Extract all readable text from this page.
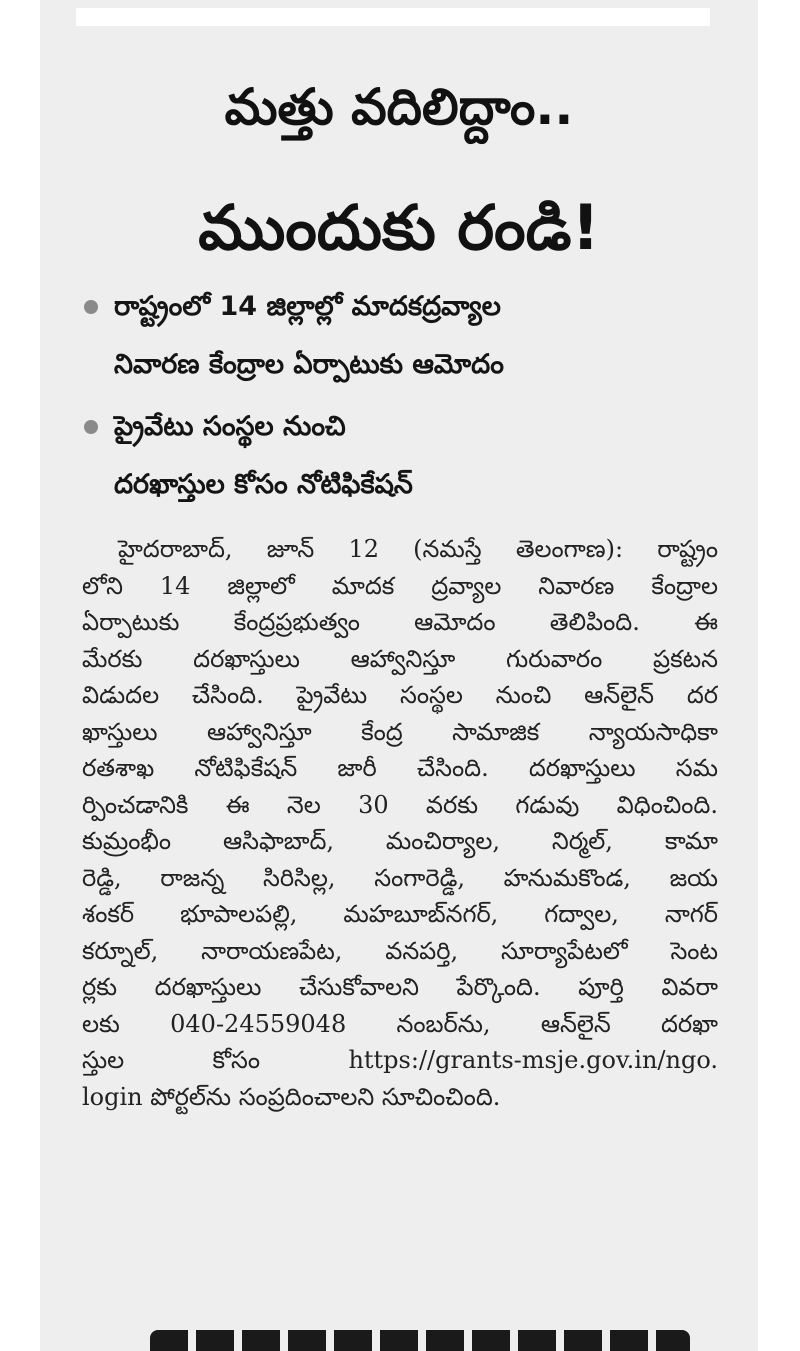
మత్తు వదిలిద్దాం..
ముందుకు రండి!
రాష్ట్రంలో 14 జిల్లాల్లో మాదకద్రవ్యాల
నివారణ కేంద్రాల ఏర్పాటుకు ఆమోదం
ప్రైవేటు సంస్థల నుంచి
దరఖాస్తుల కోసం నోటిఫికేషన్
హైదరాబాద్, జూన్ 12 (నమస్తే తెలంగాణ): రాష్ట్రం
లోని 14 జిల్లాలో మాదక ద్రవ్యాల నివారణ కేంద్రాల
ఏర్పాటుకు కేంద్రప్రభుత్వం ఆమోదం తెలిపింది. ఈ
మేరకు దరఖాస్తులు ఆహ్వానిస్తూ గురువారం ప్రకటన
విడుదల చేసింది. ప్రైవేటు సంస్థల నుంచి ఆన్‌లైన్ దర
ఖాస్తులు ఆహ్వానిస్తూ కేంద్ర సామాజిక న్యాయసాధికా
రతశాఖ నోటిఫికేషన్ జారీ చేసింది. దరఖాస్తులు సమ
ర్పించడానికి ఈ నెల 30 వరకు గడువు విధించింది.
కుమ్రంభీం ఆసిఫాబాద్, మంచిర్యాల, నిర్మల్, కామా
రెడ్డి, రాజన్న సిరిసిల్ల, సంగారెడ్డి, హనుమకొండ, జయ
శంకర్ భూపాలపల్లి, మహబూబ్‌నగర్, గద్వాల, నాగర్
కర్నూల్, నారాయణపేట, వనపర్తి, సూర్యాపేటలో సెంట
ర్లకు దరఖాస్తులు చేసుకోవాలని పేర్కొంది. పూర్తి వివరా
లకు 040-24559048 నంబర్‌ను, ఆన్‌లైన్ దరఖా
స్తుల కోసం https://grants-msje.gov.in/ngo.
login పోర్టల్‌ను సంప్రదించాలని సూచించింది.
